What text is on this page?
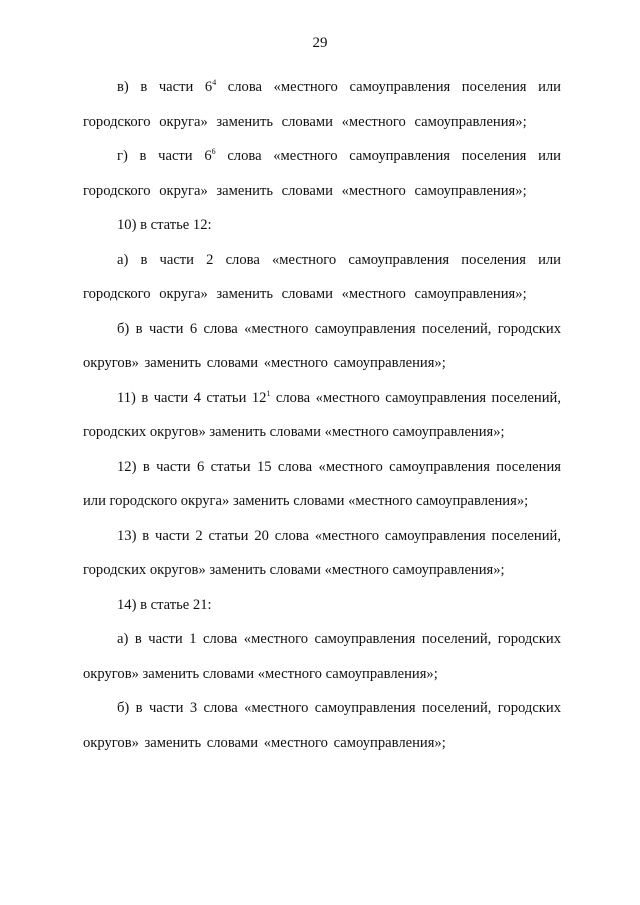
29

в) в части $6^4$ слова «местного самоуправления поселения или городского округа» заменить словами «местного самоуправления»;

г) в части $6^6$ слова «местного самоуправления поселения или городского округа» заменить словами «местного самоуправления»;

10) в статье 12:

а) в части 2 слова «местного самоуправления поселения или городского округа» заменить словами «местного самоуправления»;

б) в части 6 слова «местного самоуправления поселений, городских округов» заменить словами «местного самоуправления»;

11) в части 4 статьи $12^1$ слова «местного самоуправления поселений, городских округов» заменить словами «местного самоуправления»;

12) в части 6 статьи 15 слова «местного самоуправления поселения или городского округа» заменить словами «местного самоуправления»;

13) в части 2 статьи 20 слова «местного самоуправления поселений, городских округов» заменить словами «местного самоуправления»;

14) в статье 21:

а) в части 1 слова «местного самоуправления поселений, городских округов» заменить словами «местного самоуправления»;

б) в части 3 слова «местного самоуправления поселений, городских округов» заменить словами «местного самоуправления»;
